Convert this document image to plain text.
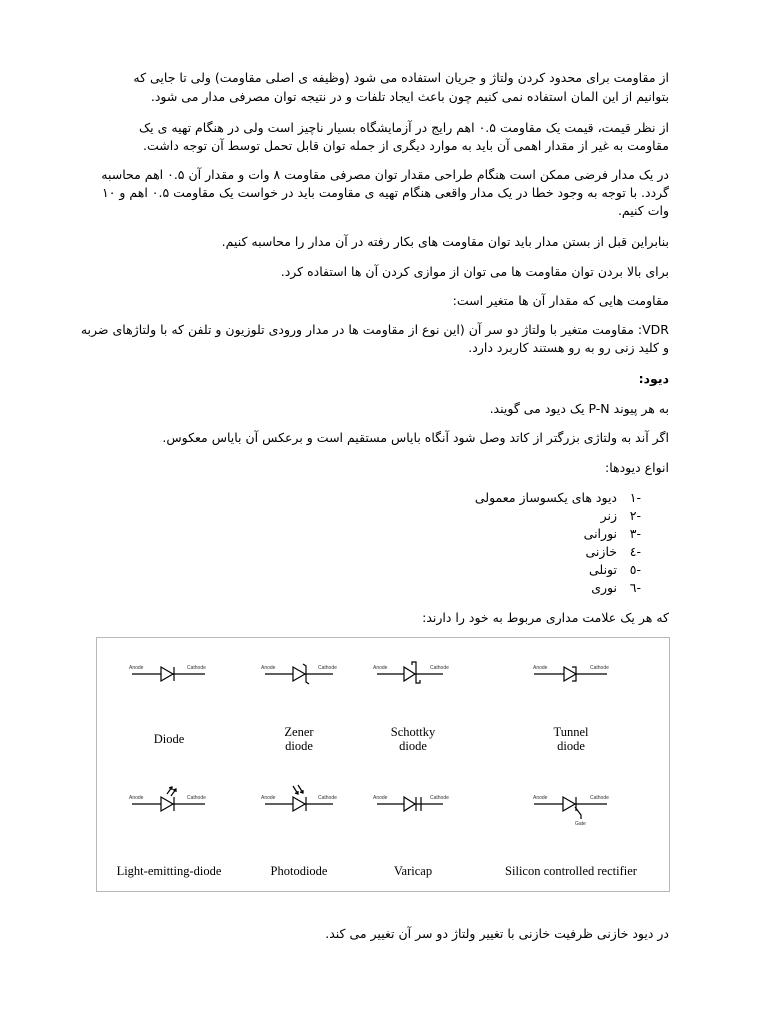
از مقاومت برای محدود کردن ولتاژ و جریان استفاده می شود (وظیفه ی اصلی مقاومت) ولی تا جایی که
بتوانیم از این المان استفاده نمی کنیم چون باعث ایجاد تلفات و در نتیجه توان مصرفی مدار می شود.
از نظر قیمت، قیمت یک مقاومت ۰.۵ اهم رایج در آزمایشگاه بسیار ناچیز است ولی در هنگام تهیه ی یک
مقاومت به غیر از مقدار اهمی آن باید به موارد دیگری از جمله توان قابل تحمل توسط آن توجه داشت.
در یک مدار فرضی ممکن است هنگام طراحی مقدار توان مصرفی مقاومت ۸ وات و مقدار آن ۰.۵ اهم محاسبه
گردد. با توجه به وجود خطا در یک مدار واقعی هنگام تهیه ی مقاومت باید در خواست یک مقاومت ۰.۵ اهم و ۱۰
وات کنیم.
بنابراین قبل از بستن مدار باید توان مقاومت های بکار رفته در آن مدار را محاسبه کنیم.
برای بالا بردن توان مقاومت ها می توان از موازی کردن آن ها استفاده کرد.
مقاومت هایی که مقدار آن ها متغیر است:
VDR: مقاومت متغیر با ولتاژ دو سر آن (این نوع از مقاومت ها در مدار ورودی تلوزیون و تلفن که با ولتاژهای ضربه
و کلید زنی رو به رو هستند کاربرد دارد.
دیود:
به هر پیوند P-N یک دیود می گویند.
اگر آند به ولتاژی بزرگتر از کاتد وصل شود آنگاه بایاس مستقیم است و برعکس آن بایاس معکوس.
انواع دیودها:
-١
دیود های یکسوساز معمولی
-٢
زنر
-٣
نورانی
-٤
خازنی
-٥
تونلی
-٦
نوری
که هر یک علامت مداری مربوط به خود را دارند:
Anode	Cathode	Anode	Cathode	Anode	Cathode	Anode	Cathode
Anode	Cathode	Anode	Cathode	Anode	Cathode	Anode	Cathode
Gate
Diode	Zener
diode
Schottky
diode
Tunnel
diode
Light-emitting-diode	Photodiode	Varicap	Silicon controlled rectifier
در دیود خازنی ظرفیت خازنی با تغییر ولتاژ دو سر آن تغییر می کند.
